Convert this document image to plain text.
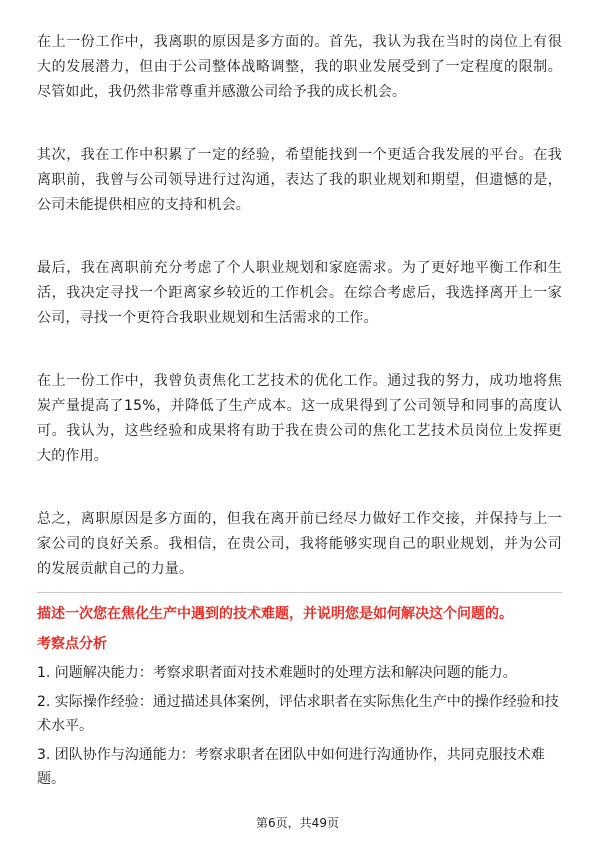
在上一份工作中，我离职的原因是多方面的。首先，我认为我在当时的岗位上有很大的发展潜力，但由于公司整体战略调整，我的职业发展受到了一定程度的限制。尽管如此，我仍然非常尊重并感激公司给予我的成长机会。

其次，我在工作中积累了一定的经验，希望能找到一个更适合我发展的平台。在我离职前，我曾与公司领导进行过沟通，表达了我的职业规划和期望，但遗憾的是，公司未能提供相应的支持和机会。

最后，我在离职前充分考虑了个人职业规划和家庭需求。为了更好地平衡工作和生活，我决定寻找一个距离家乡较近的工作机会。在综合考虑后，我选择离开上一家公司，寻找一个更符合我职业规划和生活需求的工作。

在上一份工作中，我曾负责焦化工艺技术的优化工作。通过我的努力，成功地将焦炭产量提高了15%，并降低了生产成本。这一成果得到了公司领导和同事的高度认可。我认为，这些经验和成果将有助于我在贵公司的焦化工艺技术员岗位上发挥更大的作用。

总之，离职原因是多方面的，但我在离开前已经尽力做好工作交接，并保持与上一家公司的良好关系。我相信，在贵公司，我将能够实现自己的职业规划，并为公司的发展贡献自己的力量。

描述一次您在焦化生产中遇到的技术难题，并说明您是如何解决这个问题的。
考察点分析
1. 问题解决能力：考察求职者面对技术难题时的处理方法和解决问题的能力。
2. 实际操作经验：通过描述具体案例，评估求职者在实际焦化生产中的操作经验和技术水平。
3. 团队协作与沟通能力：考察求职者在团队中如何进行沟通协作，共同克服技术难题。
第6页，共49页
